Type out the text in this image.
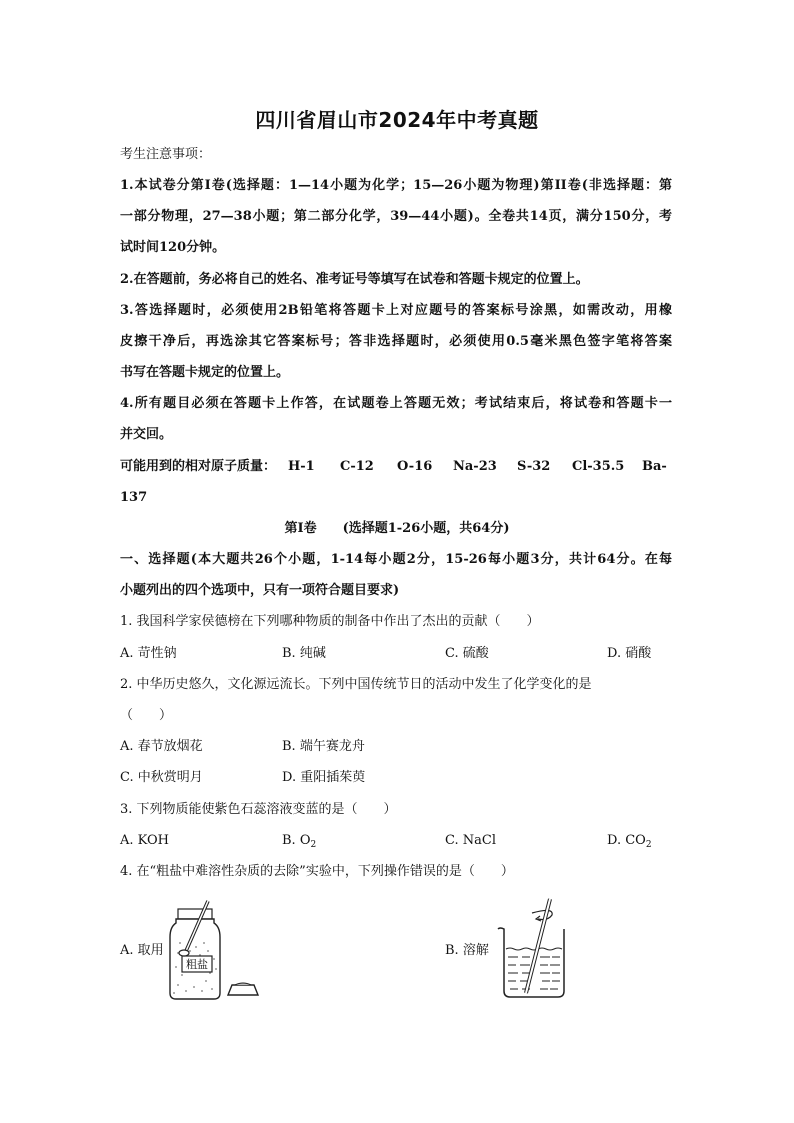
四川省眉山市2024年中考真题
考生注意事项：
1.本试卷分第I卷(选择题：1—14小题为化学；15—26小题为物理)第II卷(非选择题：第
一部分物理，27—38小题；第二部分化学，39—44小题)。全卷共14页，满分150分，考
试时间120分钟。
2.在答题前，务必将自己的姓名、准考证号等填写在试卷和答题卡规定的位置上。
3.答选择题时，必须使用2B铅笔将答题卡上对应题号的答案标号涂黑，如需改动，用橡
皮擦干净后，再选涂其它答案标号；答非选择题时，必须使用0.5毫米黑色签字笔将答案
书写在答题卡规定的位置上。
4.所有题目必须在答题卡上作答，在试题卷上答题无效；考试结束后，将试卷和答题卡一
并交回。
可能用到的相对原子质量： H-1 C-12 O-16 Na-23 S-32 Cl-35.5 Ba-
137
第I卷　　(选择题1-26小题，共64分)
一、选择题(本大题共26个小题，1-14每小题2分，15-26每小题3分，共计64分。在每
小题列出的四个选项中，只有一项符合题目要求)
1. 我国科学家侯德榜在下列哪种物质的制备中作出了杰出的贡献（　　）
A. 苛性钠	B. 纯碱	C. 硫酸	D. 硝酸
2. 中华历史悠久，文化源远流长。下列中国传统节日的活动中发生了化学变化的是
（　　）
A. 春节放烟花	B. 端午赛龙舟
C. 中秋赏明月	D. 重阳插茱萸
3. 下列物质能使紫色石蕊溶液变蓝的是（　　）
A. KOH	B. $O_2$	C. NaCl	D. $CO_2$
4. 在“粗盐中难溶性杂质的去除”实验中，下列操作错误的是（　　）
A. 取用	B. 溶解
粗盐
